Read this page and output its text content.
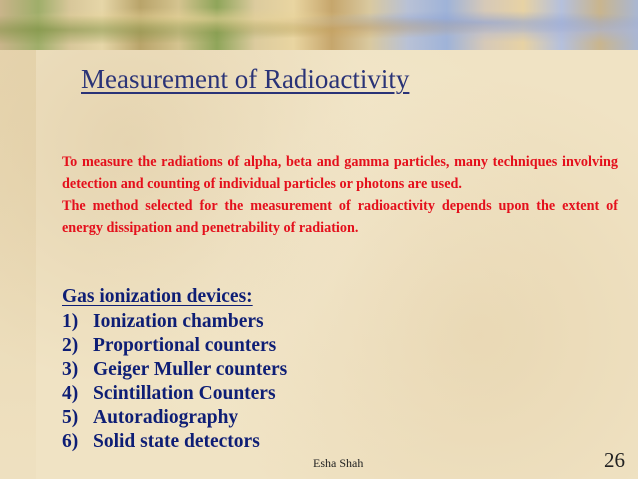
Measurement of Radioactivity

To measure the radiations of alpha, beta and gamma particles, many techniques involving detection and counting of individual particles or photons are used.

The method selected for the measurement of radioactivity depends upon the extent of energy dissipation and penetrability of radiation.

Gas ionization devices:
1) Ionization chambers
2) Proportional counters
3) Geiger Muller counters
4) Scintillation Counters
5) Autoradiography
6) Solid state detectors
Esha Shah	26
